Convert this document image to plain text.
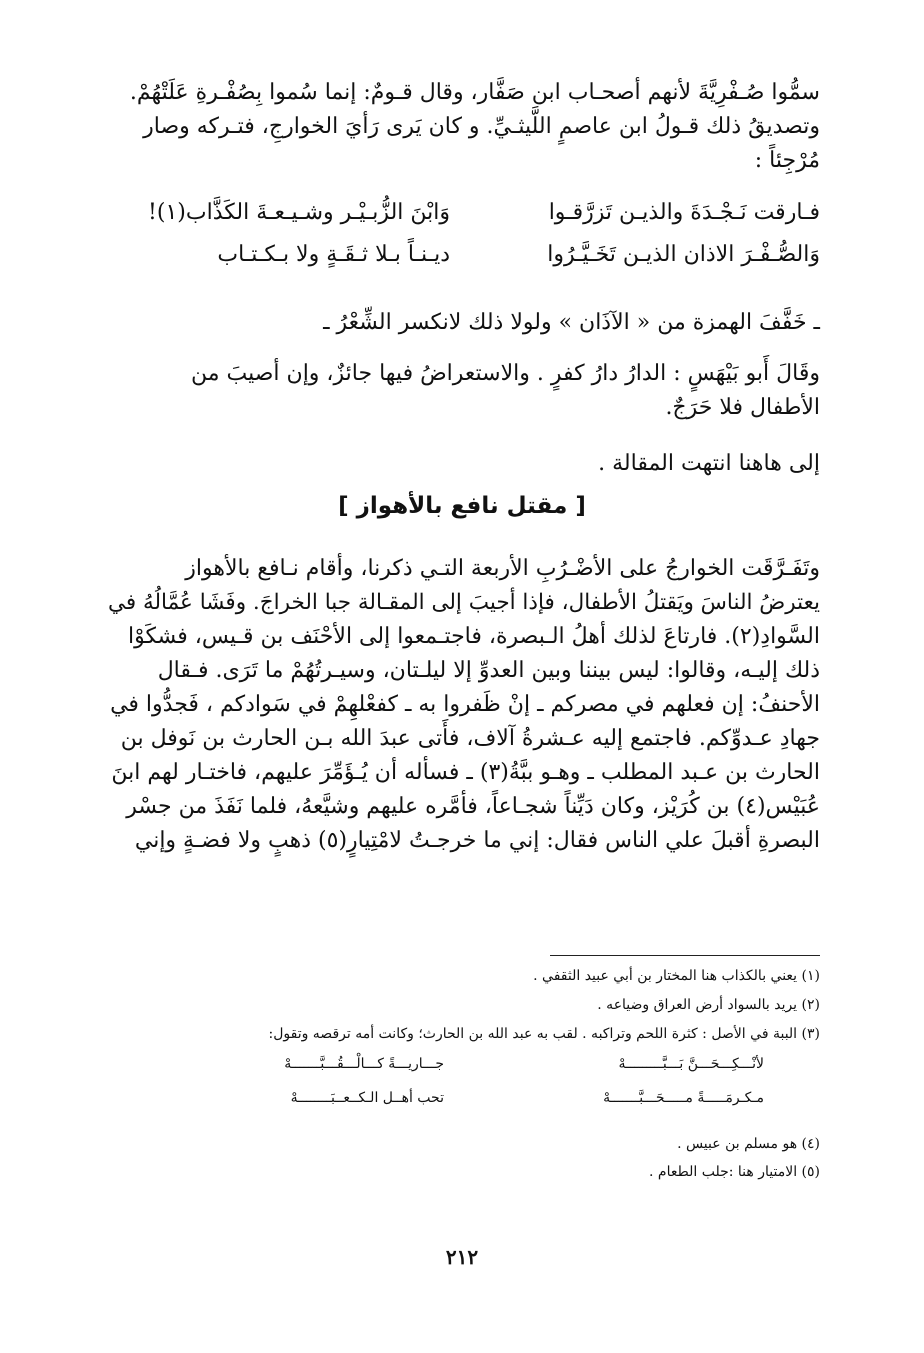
سمُّوا صُـفْرِيَّةَ لأنهم أصحـاب ابن صَفَّار، وقال قـومٌ: إنما سُموا بِصُفْـرةِ عَلَتْهُمْ.

وتصديقُ ذلك قـولُ ابن عاصمٍ اللَّيثـيِّ. و كان يَرى رَأيَ الخوارجِ، فتـركه وصار

مُرْجِئاً :

فـارقت نَـجْـدَةَ والذيـن تَزرَّقـوا
وَابْنَ الزُّبـيْـر وشـيـعـةَ الكَذَّاب(١)!
وَالصُّـفْـرَ الاذان الذيـن تَخَـيَّـرُوا
ديـنـاً بـلا ثـقَـةٍ ولا بـكـتـاب

ـ خَفَّفَ الهمزة من « الآذَان » ولولا ذلك لانكسر الشِّعْرُ ـ

وقَالَ أَبو بَيْهَسٍ : الدارُ دارُ كفرٍ . والاستعراضُ فيها جائزٌ، وإن أصيبَ من

الأطفال فلا حَرَجٌ.

إلى هاهنا انتهت المقالة .

[ مقتل نافع بالأهواز ]

وتَفَـرَّقَت الخوارجُ على الأضْـرُبِ الأربعة التـي ذكرنا، وأقام نـافع بالأهواز

يعترضُ الناسَ ويَقتلُ الأطفال، فإذا أجيبَ إلى المقـالة جبا الخراجَ. وفَشَا عُمَّالُهُ في

السَّوادِ(٢). فارتاعَ لذلك أهلُ الـبصرة، فاجتـمعوا إلى الأحْنَف بن قـيس، فشكَوْا

ذلك إليـه، وقالوا: ليس بيننا وبين العدوِّ إلا ليلـتان، وسيـرتُهُمْ ما تَرَى. فـقال

الأحنفُ: إن فعلهم في مصركم ـ إنْ ظَفروا به ـ كفعْلهِمْ في سَوادكم ، فَجدُّوا في

جهادِ عـدوِّكم. فاجتمع إليه عـشرةُ آلاف، فأَتى عبدَ الله بـن الحارث بن نَوفل بن

الحارث بن عـبد المطلب ـ وهـو ببَّةُ(٣) ـ فسأله أن يُـؤَمِّرَ عليهم، فاختـار لهم ابنَ

عُبَيْس(٤) بن كُرَيْز، وكان دَيِّناً شجـاعاً، فأمَّره عليهم وشيَّعهُ، فلما نَفَذَ من جسْر

البصرةِ أقبلَ علي الناس فقال: إني ما خرجـتُ لامْتِيارٍ(٥) ذهبٍ ولا فضـةٍ وإني

(١) يعني بالكذاب هنا المختار بن أبي عبيد الثقفي .
(٢) يريد بالسواد أرض العراق وضياعه .
(٣) الببة في الأصل : كثرة اللحم وتراكبه . لقب به عبد الله بن الحارث؛ وكانت أمه ترقصه وتقول:
لأنْـــكِـــحَـــنَّ بَـــبَّـــــــــهْ
جـــاريـــةً كـــالْـــقُـــبَّـــــــهْ
مـكـرمَـــــةً مـــــحَـــبَّـــــــهْ
تحب أهــل الـكــعــبَــــــــهْ
(٤) هو مسلم بن عبيس .
(٥) الامتيار هنا :جلب الطعام .
٢١٢
